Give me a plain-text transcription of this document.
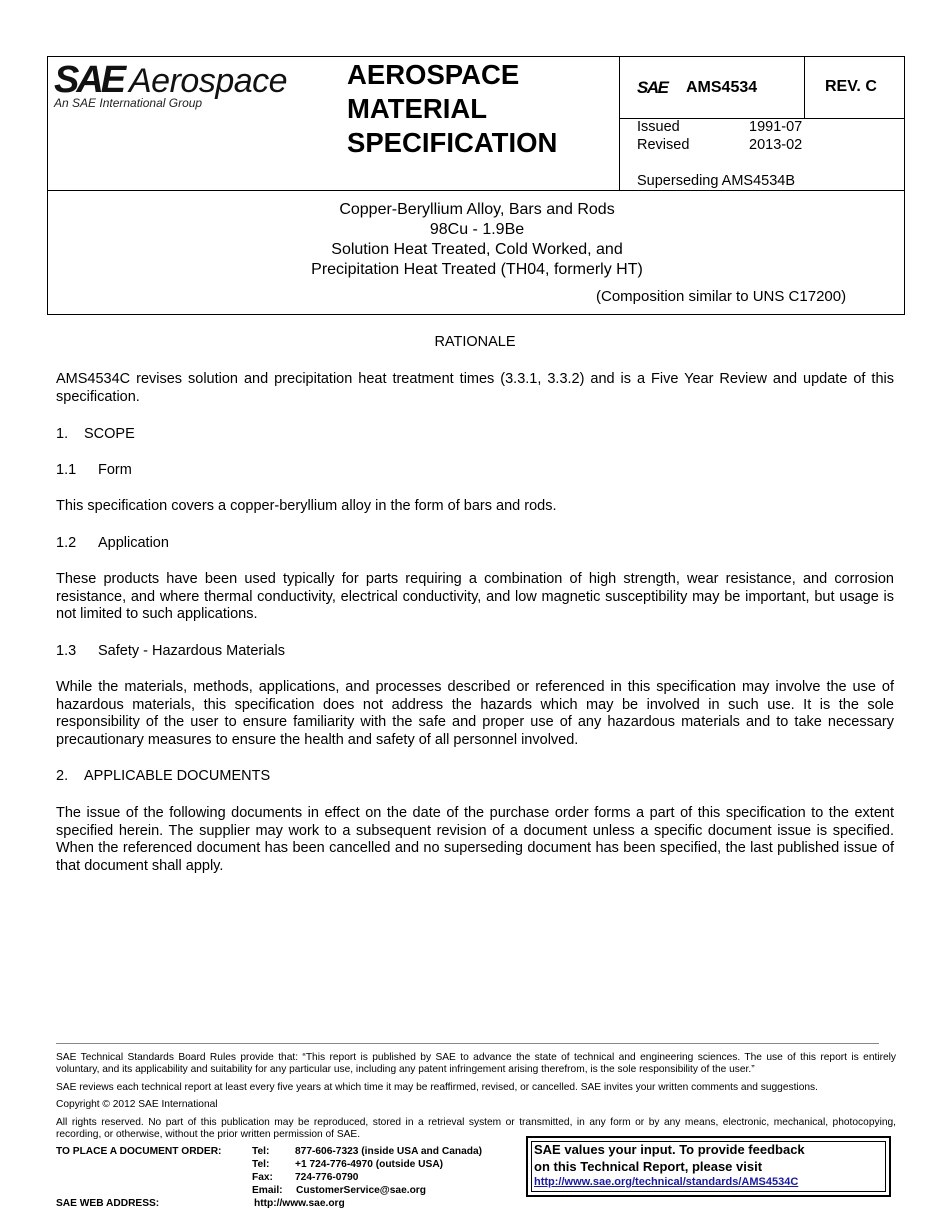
SAE Aerospace
An SAE International Group
AEROSPACE
MATERIAL
SPECIFICATION
SAE AMS4534	REV. C
Issued	1991-07
Revised	2013-02
Superseding AMS4534B
Copper-Beryllium Alloy, Bars and Rods
98Cu - 1.9Be
Solution Heat Treated, Cold Worked, and
Precipitation Heat Treated (TH04, formerly HT)
(Composition similar to UNS C17200)
RATIONALE
AMS4534C revises solution and precipitation heat treatment times (3.3.1, 3.3.2) and is a Five Year Review and update of this specification.
1. SCOPE
1.1 Form
This specification covers a copper-beryllium alloy in the form of bars and rods.
1.2 Application
These products have been used typically for parts requiring a combination of high strength, wear resistance, and corrosion resistance, and where thermal conductivity, electrical conductivity, and low magnetic susceptibility may be important, but usage is not limited to such applications.
1.3 Safety - Hazardous Materials
While the materials, methods, applications, and processes described or referenced in this specification may involve the use of hazardous materials, this specification does not address the hazards which may be involved in such use. It is the sole responsibility of the user to ensure familiarity with the safe and proper use of any hazardous materials and to take necessary precautionary measures to ensure the health and safety of all personnel involved.
2. APPLICABLE DOCUMENTS
The issue of the following documents in effect on the date of the purchase order forms a part of this specification to the extent specified herein. The supplier may work to a subsequent revision of a document unless a specific document issue is specified. When the referenced document has been cancelled and no superseding document has been specified, the last published issue of that document shall apply.
SAE Technical Standards Board Rules provide that: “This report is published by SAE to advance the state of technical and engineering sciences. The use of this report is entirely voluntary, and its applicability and suitability for any particular use, including any patent infringement arising therefrom, is the sole responsibility of the user.”
SAE reviews each technical report at least every five years at which time it may be reaffirmed, revised, or cancelled. SAE invites your written comments and suggestions.
Copyright © 2012 SAE International
All rights reserved. No part of this publication may be reproduced, stored in a retrieval system or transmitted, in any form or by any means, electronic, mechanical, photocopying, recording, or otherwise, without the prior written permission of SAE.
TO PLACE A DOCUMENT ORDER:	Tel:	877-606-7323 (inside USA and Canada)
Tel:	+1 724-776-4970 (outside USA)
Fax: 724-776-0790
Email: CustomerService@sae.org
SAE WEB ADDRESS:	http://www.sae.org
SAE values your input. To provide feedback
on this Technical Report, please visit
http://www.sae.org/technical/standards/AMS4534C
